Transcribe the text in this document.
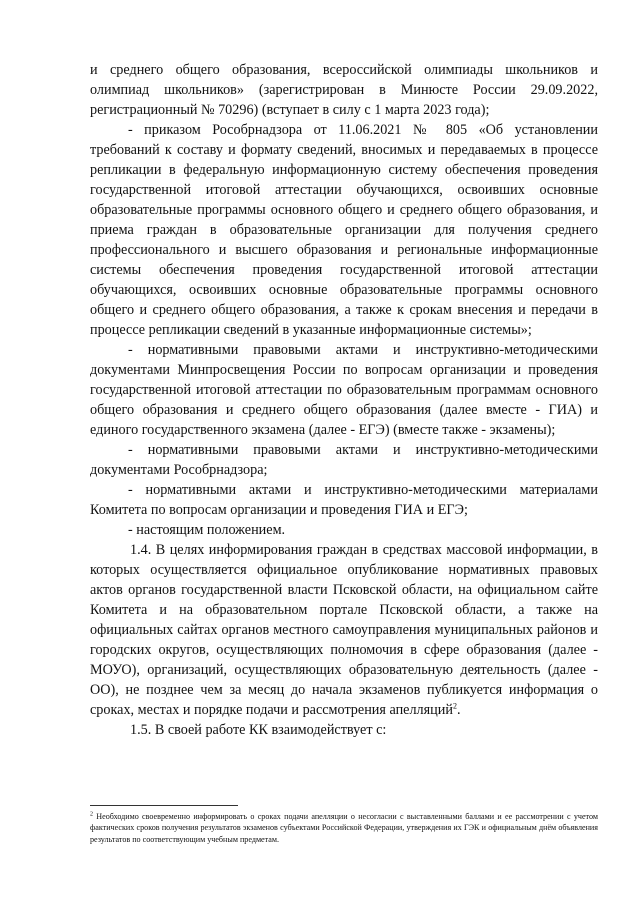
и среднего общего образования, всероссийской олимпиады школьников и олимпиад школьников» (зарегистрирован в Минюсте России 29.09.2022, регистрационный № 70296) (вступает в силу с 1 марта 2023 года);

- приказом Рособрнадзора от 11.06.2021 № 805 «Об установлении требований к составу и формату сведений, вносимых и передаваемых в процессе репликации в федеральную информационную систему обеспечения проведения государственной итоговой аттестации обучающихся, освоивших основные образовательные программы основного общего и среднего общего образования, и приема граждан в образовательные организации для получения среднего профессионального и высшего образования и региональные информационные системы обеспечения проведения государственной итоговой аттестации обучающихся, освоивших основные образовательные программы основного общего и среднего общего образования, а также к срокам внесения и передачи в процессе репликации сведений в указанные информационные системы»;

- нормативными правовыми актами и инструктивно-методическими документами Минпросвещения России по вопросам организации и проведения государственной итоговой аттестации по образовательным программам основного общего образования и среднего общего образования (далее вместе - ГИА) и единого государственного экзамена (далее - ЕГЭ) (вместе также - экзамены);

- нормативными правовыми актами и инструктивно-методическими документами Рособрнадзора;

- нормативными актами и инструктивно-методическими материалами Комитета по вопросам организации и проведения ГИА и ЕГЭ;

- настоящим положением.

1.4. В целях информирования граждан в средствах массовой информации, в которых осуществляется официальное опубликование нормативных правовых актов органов государственной власти Псковской области, на официальном сайте Комитета и на образовательном портале Псковской области, а также на официальных сайтах органов местного самоуправления муниципальных районов и городских округов, осуществляющих полномочия в сфере образования (далее - МОУО), организаций, осуществляющих образовательную деятельность (далее - ОО), не позднее чем за месяц до начала экзаменов публикуется информация о сроках, местах и порядке подачи и рассмотрения апелляций$^2$.

1.5. В своей работе КК взаимодействует с:

$^2$ Необходимо своевременно информировать о сроках подачи апелляции о несогласии с выставленными баллами и ее рассмотрении с учетом фактических сроков получения результатов экзаменов субъектами Российской Федерации, утверждения их ГЭК и официальным днём объявления результатов по соответствующим учебным предметам.
